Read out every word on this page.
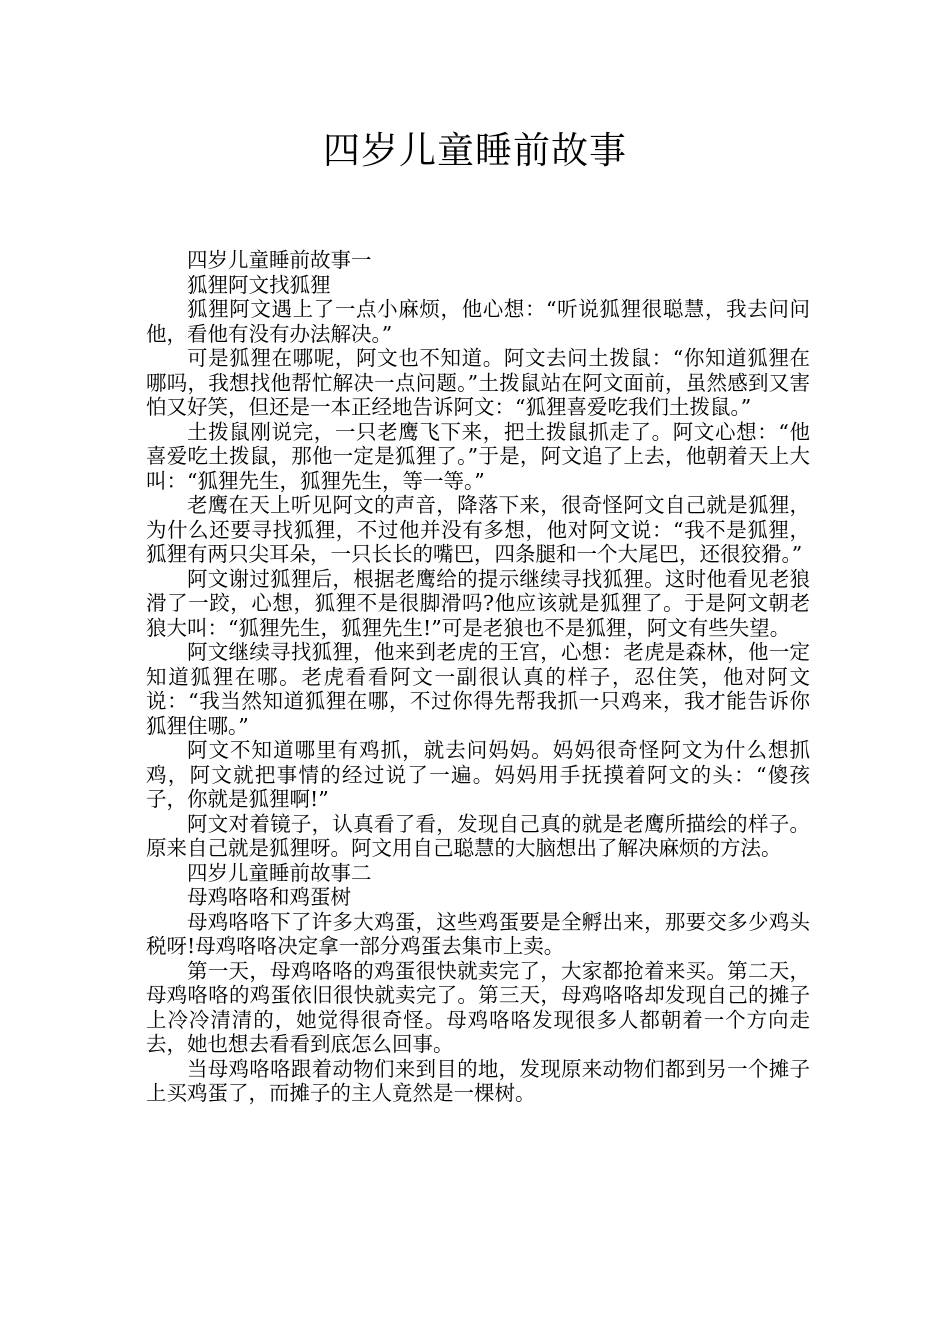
四岁儿童睡前故事

四岁儿童睡前故事一

狐狸阿文找狐狸

狐狸阿文遇上了一点小麻烦，他心想：“听说狐狸很聪慧，我去问问他，看他有没有办法解决。”

可是狐狸在哪呢，阿文也不知道。阿文去问土拨鼠：“你知道狐狸在哪吗，我想找他帮忙解决一点问题。”土拨鼠站在阿文面前，虽然感到又害怕又好笑，但还是一本正经地告诉阿文：“狐狸喜爱吃我们土拨鼠。”

土拨鼠刚说完，一只老鹰飞下来，把土拨鼠抓走了。阿文心想：“他喜爱吃土拨鼠，那他一定是狐狸了。”于是，阿文追了上去，他朝着天上大叫：“狐狸先生，狐狸先生，等一等。”

老鹰在天上听见阿文的声音，降落下来，很奇怪阿文自己就是狐狸，为什么还要寻找狐狸，不过他并没有多想，他对阿文说：“我不是狐狸，狐狸有两只尖耳朵，一只长长的嘴巴，四条腿和一个大尾巴，还很狡猾。”

阿文谢过狐狸后，根据老鹰给的提示继续寻找狐狸。这时他看见老狼滑了一跤，心想，狐狸不是很脚滑吗?他应该就是狐狸了。于是阿文朝老狼大叫：“狐狸先生，狐狸先生!”可是老狼也不是狐狸，阿文有些失望。

阿文继续寻找狐狸，他来到老虎的王宫，心想：老虎是森林，他一定知道狐狸在哪。老虎看看阿文一副很认真的样子，忍住笑，他对阿文说：“我当然知道狐狸在哪，不过你得先帮我抓一只鸡来，我才能告诉你狐狸住哪。”

阿文不知道哪里有鸡抓，就去问妈妈。妈妈很奇怪阿文为什么想抓鸡，阿文就把事情的经过说了一遍。妈妈用手抚摸着阿文的头：“傻孩子，你就是狐狸啊!”

阿文对着镜子，认真看了看，发现自己真的就是老鹰所描绘的样子。原来自己就是狐狸呀。阿文用自己聪慧的大脑想出了解决麻烦的方法。

四岁儿童睡前故事二

母鸡咯咯和鸡蛋树

母鸡咯咯下了许多大鸡蛋，这些鸡蛋要是全孵出来，那要交多少鸡头税呀!母鸡咯咯决定拿一部分鸡蛋去集市上卖。

第一天，母鸡咯咯的鸡蛋很快就卖完了，大家都抢着来买。第二天，母鸡咯咯的鸡蛋依旧很快就卖完了。第三天，母鸡咯咯却发现自己的摊子上冷冷清清的，她觉得很奇怪。母鸡咯咯发现很多人都朝着一个方向走去，她也想去看看到底怎么回事。

当母鸡咯咯跟着动物们来到目的地，发现原来动物们都到另一个摊子上买鸡蛋了，而摊子的主人竟然是一棵树。
